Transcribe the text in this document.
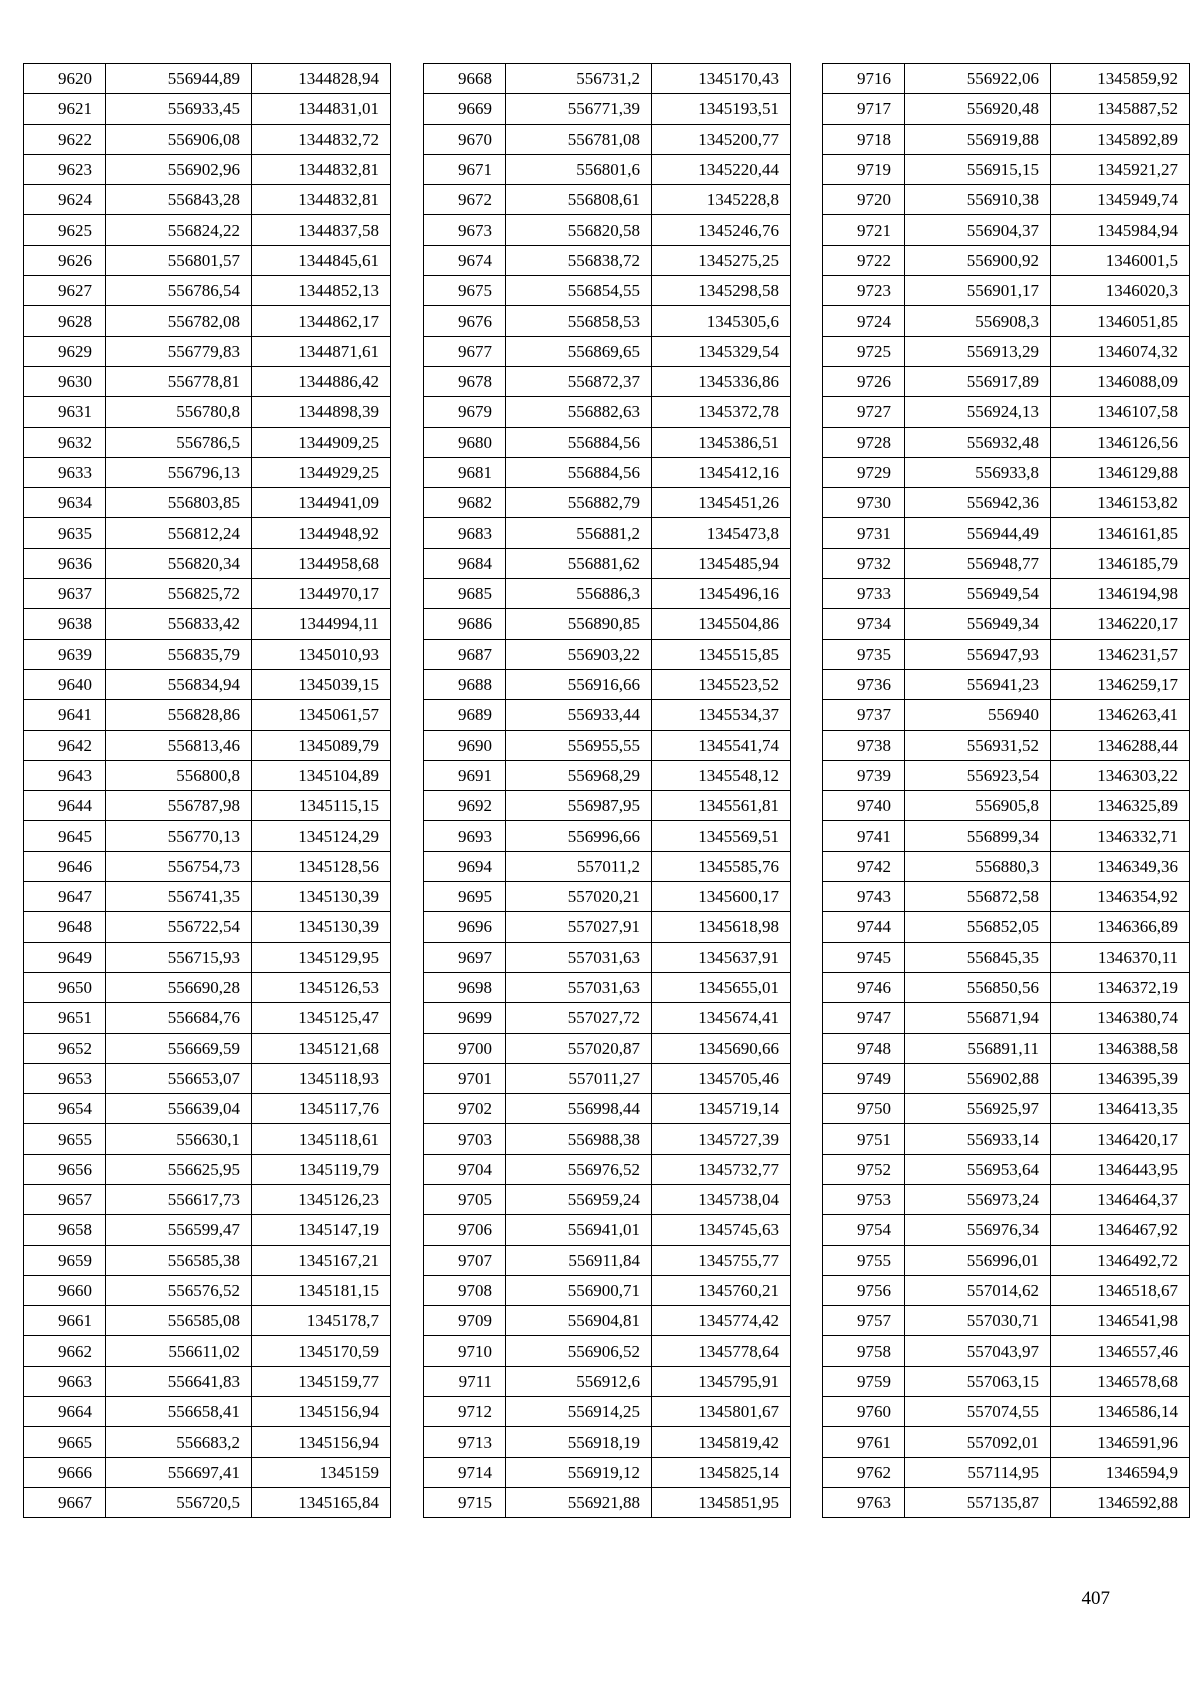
9620	556944,89	1344828,94
9621	556933,45	1344831,01
9622	556906,08	1344832,72
9623	556902,96	1344832,81
9624	556843,28	1344832,81
9625	556824,22	1344837,58
9626	556801,57	1344845,61
9627	556786,54	1344852,13
9628	556782,08	1344862,17
9629	556779,83	1344871,61
9630	556778,81	1344886,42
9631	556780,8	1344898,39
9632	556786,5	1344909,25
9633	556796,13	1344929,25
9634	556803,85	1344941,09
9635	556812,24	1344948,92
9636	556820,34	1344958,68
9637	556825,72	1344970,17
9638	556833,42	1344994,11
9639	556835,79	1345010,93
9640	556834,94	1345039,15
9641	556828,86	1345061,57
9642	556813,46	1345089,79
9643	556800,8	1345104,89
9644	556787,98	1345115,15
9645	556770,13	1345124,29
9646	556754,73	1345128,56
9647	556741,35	1345130,39
9648	556722,54	1345130,39
9649	556715,93	1345129,95
9650	556690,28	1345126,53
9651	556684,76	1345125,47
9652	556669,59	1345121,68
9653	556653,07	1345118,93
9654	556639,04	1345117,76
9655	556630,1	1345118,61
9656	556625,95	1345119,79
9657	556617,73	1345126,23
9658	556599,47	1345147,19
9659	556585,38	1345167,21
9660	556576,52	1345181,15
9661	556585,08	1345178,7
9662	556611,02	1345170,59
9663	556641,83	1345159,77
9664	556658,41	1345156,94
9665	556683,2	1345156,94
9666	556697,41	1345159
9667	556720,5	1345165,84
9668	556731,2	1345170,43
9669	556771,39	1345193,51
9670	556781,08	1345200,77
9671	556801,6	1345220,44
9672	556808,61	1345228,8
9673	556820,58	1345246,76
9674	556838,72	1345275,25
9675	556854,55	1345298,58
9676	556858,53	1345305,6
9677	556869,65	1345329,54
9678	556872,37	1345336,86
9679	556882,63	1345372,78
9680	556884,56	1345386,51
9681	556884,56	1345412,16
9682	556882,79	1345451,26
9683	556881,2	1345473,8
9684	556881,62	1345485,94
9685	556886,3	1345496,16
9686	556890,85	1345504,86
9687	556903,22	1345515,85
9688	556916,66	1345523,52
9689	556933,44	1345534,37
9690	556955,55	1345541,74
9691	556968,29	1345548,12
9692	556987,95	1345561,81
9693	556996,66	1345569,51
9694	557011,2	1345585,76
9695	557020,21	1345600,17
9696	557027,91	1345618,98
9697	557031,63	1345637,91
9698	557031,63	1345655,01
9699	557027,72	1345674,41
9700	557020,87	1345690,66
9701	557011,27	1345705,46
9702	556998,44	1345719,14
9703	556988,38	1345727,39
9704	556976,52	1345732,77
9705	556959,24	1345738,04
9706	556941,01	1345745,63
9707	556911,84	1345755,77
9708	556900,71	1345760,21
9709	556904,81	1345774,42
9710	556906,52	1345778,64
9711	556912,6	1345795,91
9712	556914,25	1345801,67
9713	556918,19	1345819,42
9714	556919,12	1345825,14
9715	556921,88	1345851,95
9716	556922,06	1345859,92
9717	556920,48	1345887,52
9718	556919,88	1345892,89
9719	556915,15	1345921,27
9720	556910,38	1345949,74
9721	556904,37	1345984,94
9722	556900,92	1346001,5
9723	556901,17	1346020,3
9724	556908,3	1346051,85
9725	556913,29	1346074,32
9726	556917,89	1346088,09
9727	556924,13	1346107,58
9728	556932,48	1346126,56
9729	556933,8	1346129,88
9730	556942,36	1346153,82
9731	556944,49	1346161,85
9732	556948,77	1346185,79
9733	556949,54	1346194,98
9734	556949,34	1346220,17
9735	556947,93	1346231,57
9736	556941,23	1346259,17
9737	556940	1346263,41
9738	556931,52	1346288,44
9739	556923,54	1346303,22
9740	556905,8	1346325,89
9741	556899,34	1346332,71
9742	556880,3	1346349,36
9743	556872,58	1346354,92
9744	556852,05	1346366,89
9745	556845,35	1346370,11
9746	556850,56	1346372,19
9747	556871,94	1346380,74
9748	556891,11	1346388,58
9749	556902,88	1346395,39
9750	556925,97	1346413,35
9751	556933,14	1346420,17
9752	556953,64	1346443,95
9753	556973,24	1346464,37
9754	556976,34	1346467,92
9755	556996,01	1346492,72
9756	557014,62	1346518,67
9757	557030,71	1346541,98
9758	557043,97	1346557,46
9759	557063,15	1346578,68
9760	557074,55	1346586,14
9761	557092,01	1346591,96
9762	557114,95	1346594,9
9763	557135,87	1346592,88
407
